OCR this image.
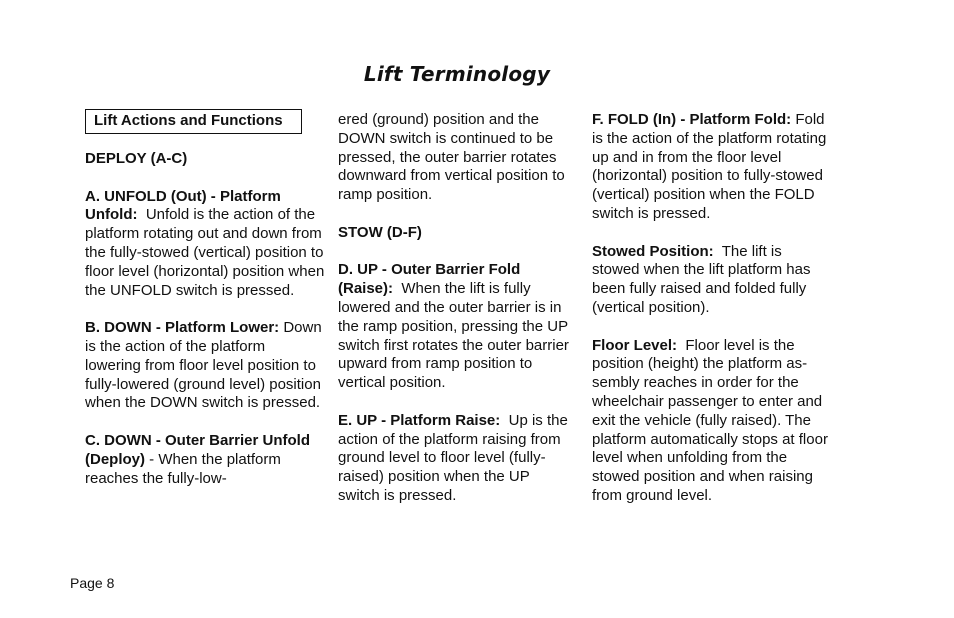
Lift Terminology
Lift Actions and Functions
DEPLOY (A-C)

A. UNFOLD (Out) - Platform Unfold: Unfold is the action of the platform rotating out and down from the fully-stowed (vertical) position to floor level (horizontal) position when the UNFOLD switch is pressed.

B. DOWN - Platform Lower: Down is the action of the platform lowering from floor level position to fully-lowered (ground level) position when the DOWN switch is pressed.

C. DOWN - Outer Barrier Unfold (Deploy) - When the platform reaches the fully-low-

ered (ground) position and the DOWN switch is continued to be pressed, the outer barrier rotates downward from vertical position to ramp position.

STOW (D-F)

D. UP - Outer Barrier Fold (Raise): When the lift is fully lowered and the outer barrier is in the ramp position, pressing the UP switch first rotates the outer barrier upward from ramp position to vertical position.

E. UP - Platform Raise: Up is the action of the platform raising from ground level to floor level (fully-raised) position when the UP switch is pressed.

F. FOLD (In) - Platform Fold: Fold is the action of the platform rotating up and in from the floor level (horizontal) position to fully-stowed (vertical) position when the FOLD switch is pressed.

Stowed Position: The lift is stowed when the lift platform has been fully raised and folded fully (vertical position).

Floor Level: Floor level is the position (height) the platform as-sembly reaches in order for the wheelchair passenger to enter and exit the vehicle (fully raised). The platform automatically stops at floor level when unfolding from the stowed position and when raising from ground level.

Page 8
